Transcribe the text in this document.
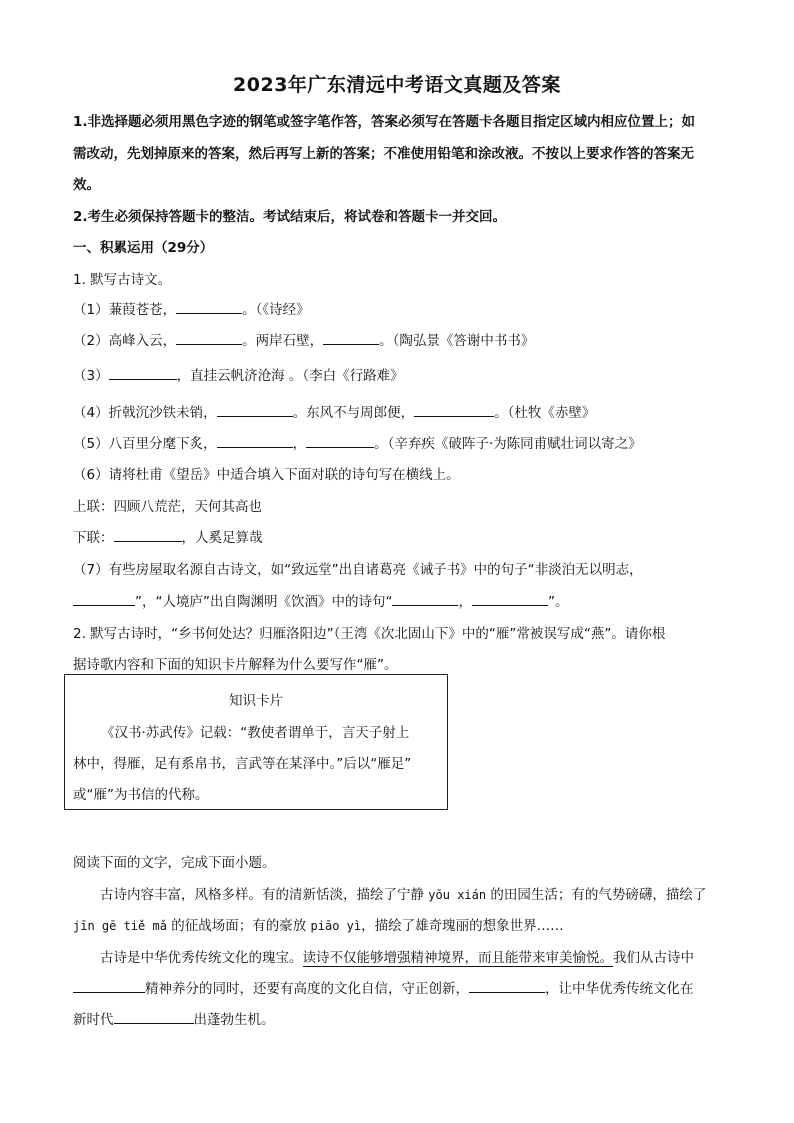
2023年广东清远中考语文真题及答案
1.非选择题必须用黑色字迹的钢笔或签字笔作答，答案必须写在答题卡各题目指定区域内相应位置上；如
需改动，先划掉原来的答案，然后再写上新的答案；不准使用铅笔和涂改液。不按以上要求作答的答案无
效。
2.考生必须保持答题卡的整洁。考试结束后，将试卷和答题卡一并交回。
一、积累运用（29分）
1. 默写古诗文。
（1）蒹葭苍苍，	。（《诗经》
（2）高峰入云，	。两岸石壁，	。（陶弘景《答谢中书书》
（3）	，直挂云帆济沧海 。（李白《行路难》
（4）折戟沉沙铁未销，	。东风不与周郎便，	。（杜牧《赤壁》
（5）八百里分麾下炙，	，	。（辛弃疾《破阵子·为陈同甫赋壮词以寄之》
（6）请将杜甫《望岳》中适合填入下面对联的诗句写在横线上。
上联：四顾八荒茫，天何其高也
下联：	，人奚足算哉
（7）有些房屋取名源自古诗文，如“致远堂”出自诸葛亮《诫子书》中的句子“非淡泊无以明志，
”，“人境庐”出自陶渊明《饮酒》中的诗句“	，	”。
2. 默写古诗时，“乡书何处达？归雁洛阳边”（王湾《次北固山下》中的“雁”常被误写成“燕”。请你根
据诗歌内容和下面的知识卡片解释为什么要写作“雁”。
知识卡片
《汉书·苏武传》记载：“教使者谓单于，言天子射上
林中，得雁，足有系帛书，言武等在某泽中。”后以“雁足”
或“雁”为书信的代称。
阅读下面的文字，完成下面小题。
古诗内容丰富，风格多样。有的清新恬淡，描绘了宁静 yōu xián 的田园生活；有的气势磅礴，描绘了
jīn gē tiě mǎ 的征战场面；有的豪放 piāo yì，描绘了雄奇瑰丽的想象世界……
古诗是中华优秀传统文化的瑰宝。读诗不仅能够增强精神境界，而且能带来审美愉悦。我们从古诗中
精神养分的同时，还要有高度的文化自信，守正创新，	，让中华优秀传统文化在
新时代	出蓬勃生机。
